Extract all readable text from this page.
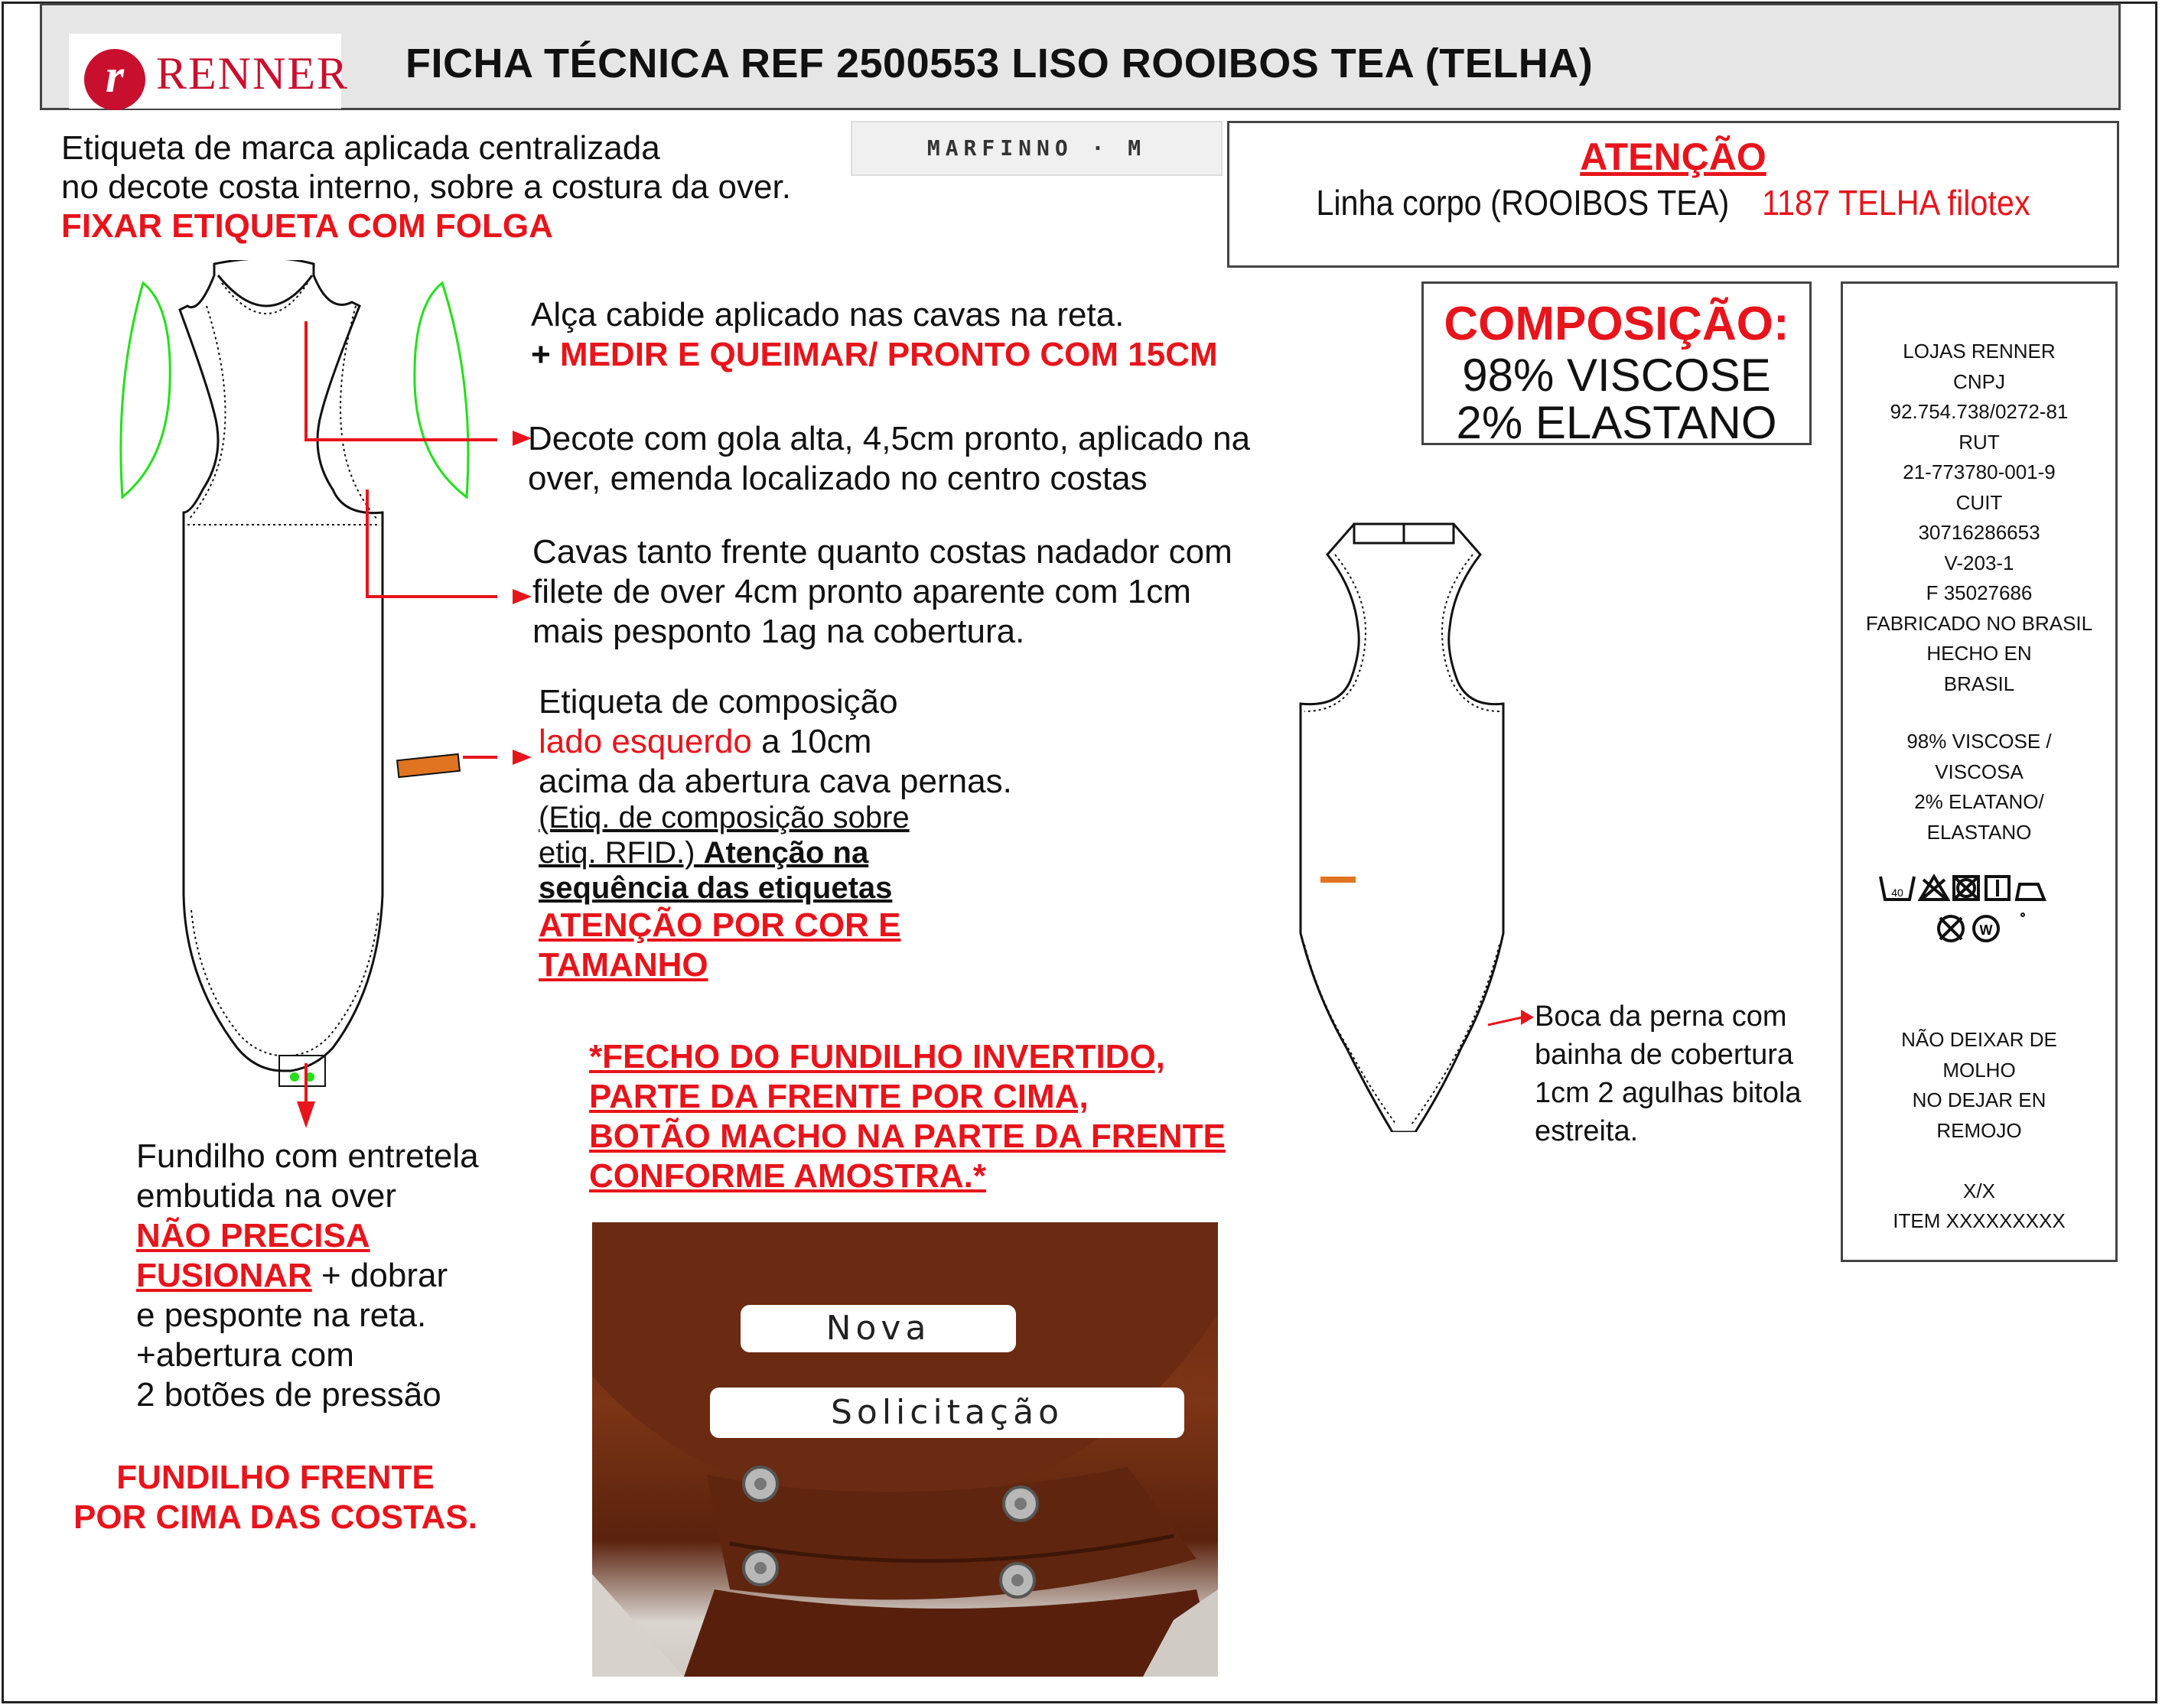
r RENNER FICHA TÉCNICA REF 2500553 LISO ROOIBOS TEA (TELHA)
Etiqueta de marca aplicada centralizada
no decote costa interno, sobre a costura da over.
FIXAR ETIQUETA COM FOLGA
MARFINNO · M	ATENÇÃO
Linha corpo (ROOIBOS TEA) 1187 TELHA filotex
COMPOSIÇÃO:
98% VISCOSE
2% ELASTANO
LOJAS RENNER
CNPJ
92.754.738/0272-81
RUT
21-773780-001-9
CUIT
30716286653
V-203-1
F 35027686
FABRICADO NO BRASIL
HECHO EN
BRASIL
98% VISCOSE /
VISCOSA
2% ELATANO/
ELASTANO
40
W
NÃO DEIXAR DE
MOLHO
NO DEJAR EN
REMOJO

X/X
ITEM XXXXXXXXX
Alça cabide aplicado nas cavas na reta.
+ MEDIR E QUEIMAR/ PRONTO COM 15CM
Decote com gola alta, 4,5cm pronto, aplicado na
over, emenda localizado no centro costas
Cavas tanto frente quanto costas nadador com
filete de over 4cm pronto aparente com 1cm
mais pesponto 1ag na cobertura.
Etiqueta de composição
lado esquerdo a 10cm
acima da abertura cava pernas.
(Etiq. de composição sobre
etiq. RFID.) Atenção na
sequência das etiquetas
ATENÇÃO POR COR E
TAMANHO
*FECHO DO FUNDILHO INVERTIDO,
PARTE DA FRENTE POR CIMA,
BOTÃO MACHO NA PARTE DA FRENTE
CONFORME AMOSTRA.*
Fundilho com entretela
embutida na over
NÃO PRECISA
FUSIONAR + dobrar
e pesponte na reta.
+abertura com
2 botões de pressão
FUNDILHO FRENTE
POR CIMA DAS COSTAS.
Boca da perna com
bainha de cobertura
1cm 2 agulhas bitola
estreita.
Nova
Solicitação
